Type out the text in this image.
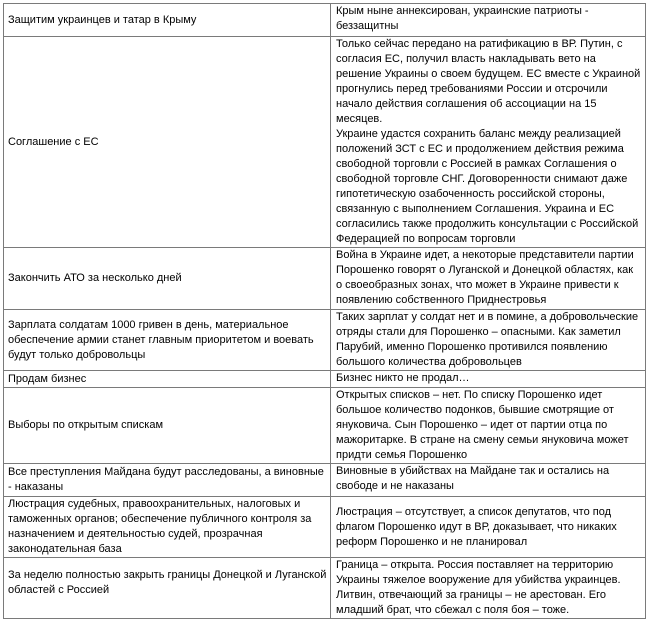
Защитим украинцев и татар в Крыму	Крым ныне аннексирован, украинские патриоты - беззащитны

Соглашение с ЕС	Только сейчас передано на ратификацию в ВР. Путин, с согласия ЕС, получил власть накладывать вето на решение Украины о своем будущем. ЕС вместе с Украиной прогнулись перед требованиями России и отсрочили начало действия соглашения об ассоциации на 15 месяцев.
Украине удастся сохранить баланс между реализацией положений ЗСТ с ЕС и продолжением действия режима свободной торговли с Россией в рамках Соглашения о свободной торговле СНГ. Договоренности снимают даже гипотетическую озабоченность российской стороны, связанную с выполнением Соглашения. Украина и ЕС согласились также продолжить консультации с Российской Федерацией по вопросам торговли

Закончить АТО за несколько дней	Война в Украине идет, а некоторые представители партии Порошенко говорят о Луганской и Донецкой областях, как о своеобразных зонах, что может в Украине привести к появлению собственного Приднестровья

Зарплата солдатам 1000 гривен в день, материальное обеспечение армии станет главным приоритетом и воевать будут только добровольцы	Таких зарплат у солдат нет и в помине, а добровольческие отряды стали для Порошенко – опасными. Как заметил Парубий, именно Порошенко противился появлению большого количества добровольцев

Продам бизнес	Бизнес никто не продал…

Выборы по открытым спискам	Открытых списков – нет. По списку Порошенко идет большое количество подонков, бывшие смотрящие от януковича. Сын Порошенко – идет от партии отца по мажоритарке. В стране на смену семьи януковича может придти семья Порошенко

Все преступления Майдана будут расследованы, а виновные - наказаны	Виновные в убийствах на Майдане так и остались на свободе и не наказаны

Люстрация судебных, правоохранительных, налоговых и таможенных органов; обеспечение публичного контроля за назначением и деятельностью судей, прозрачная законодательная база	Люстрация – отсутствует, а список депутатов, что под флагом Порошенко идут в ВР, доказывает, что никаких реформ Порошенко и не планировал

За неделю полностью закрыть границы Донецкой и Луганской областей с Россией	Граница – открыта. Россия поставляет на территорию Украины тяжелое вооружение для убийства украинцев. Литвин, отвечающий за границы – не арестован. Его младший брат, что сбежал с поля боя – тоже.
